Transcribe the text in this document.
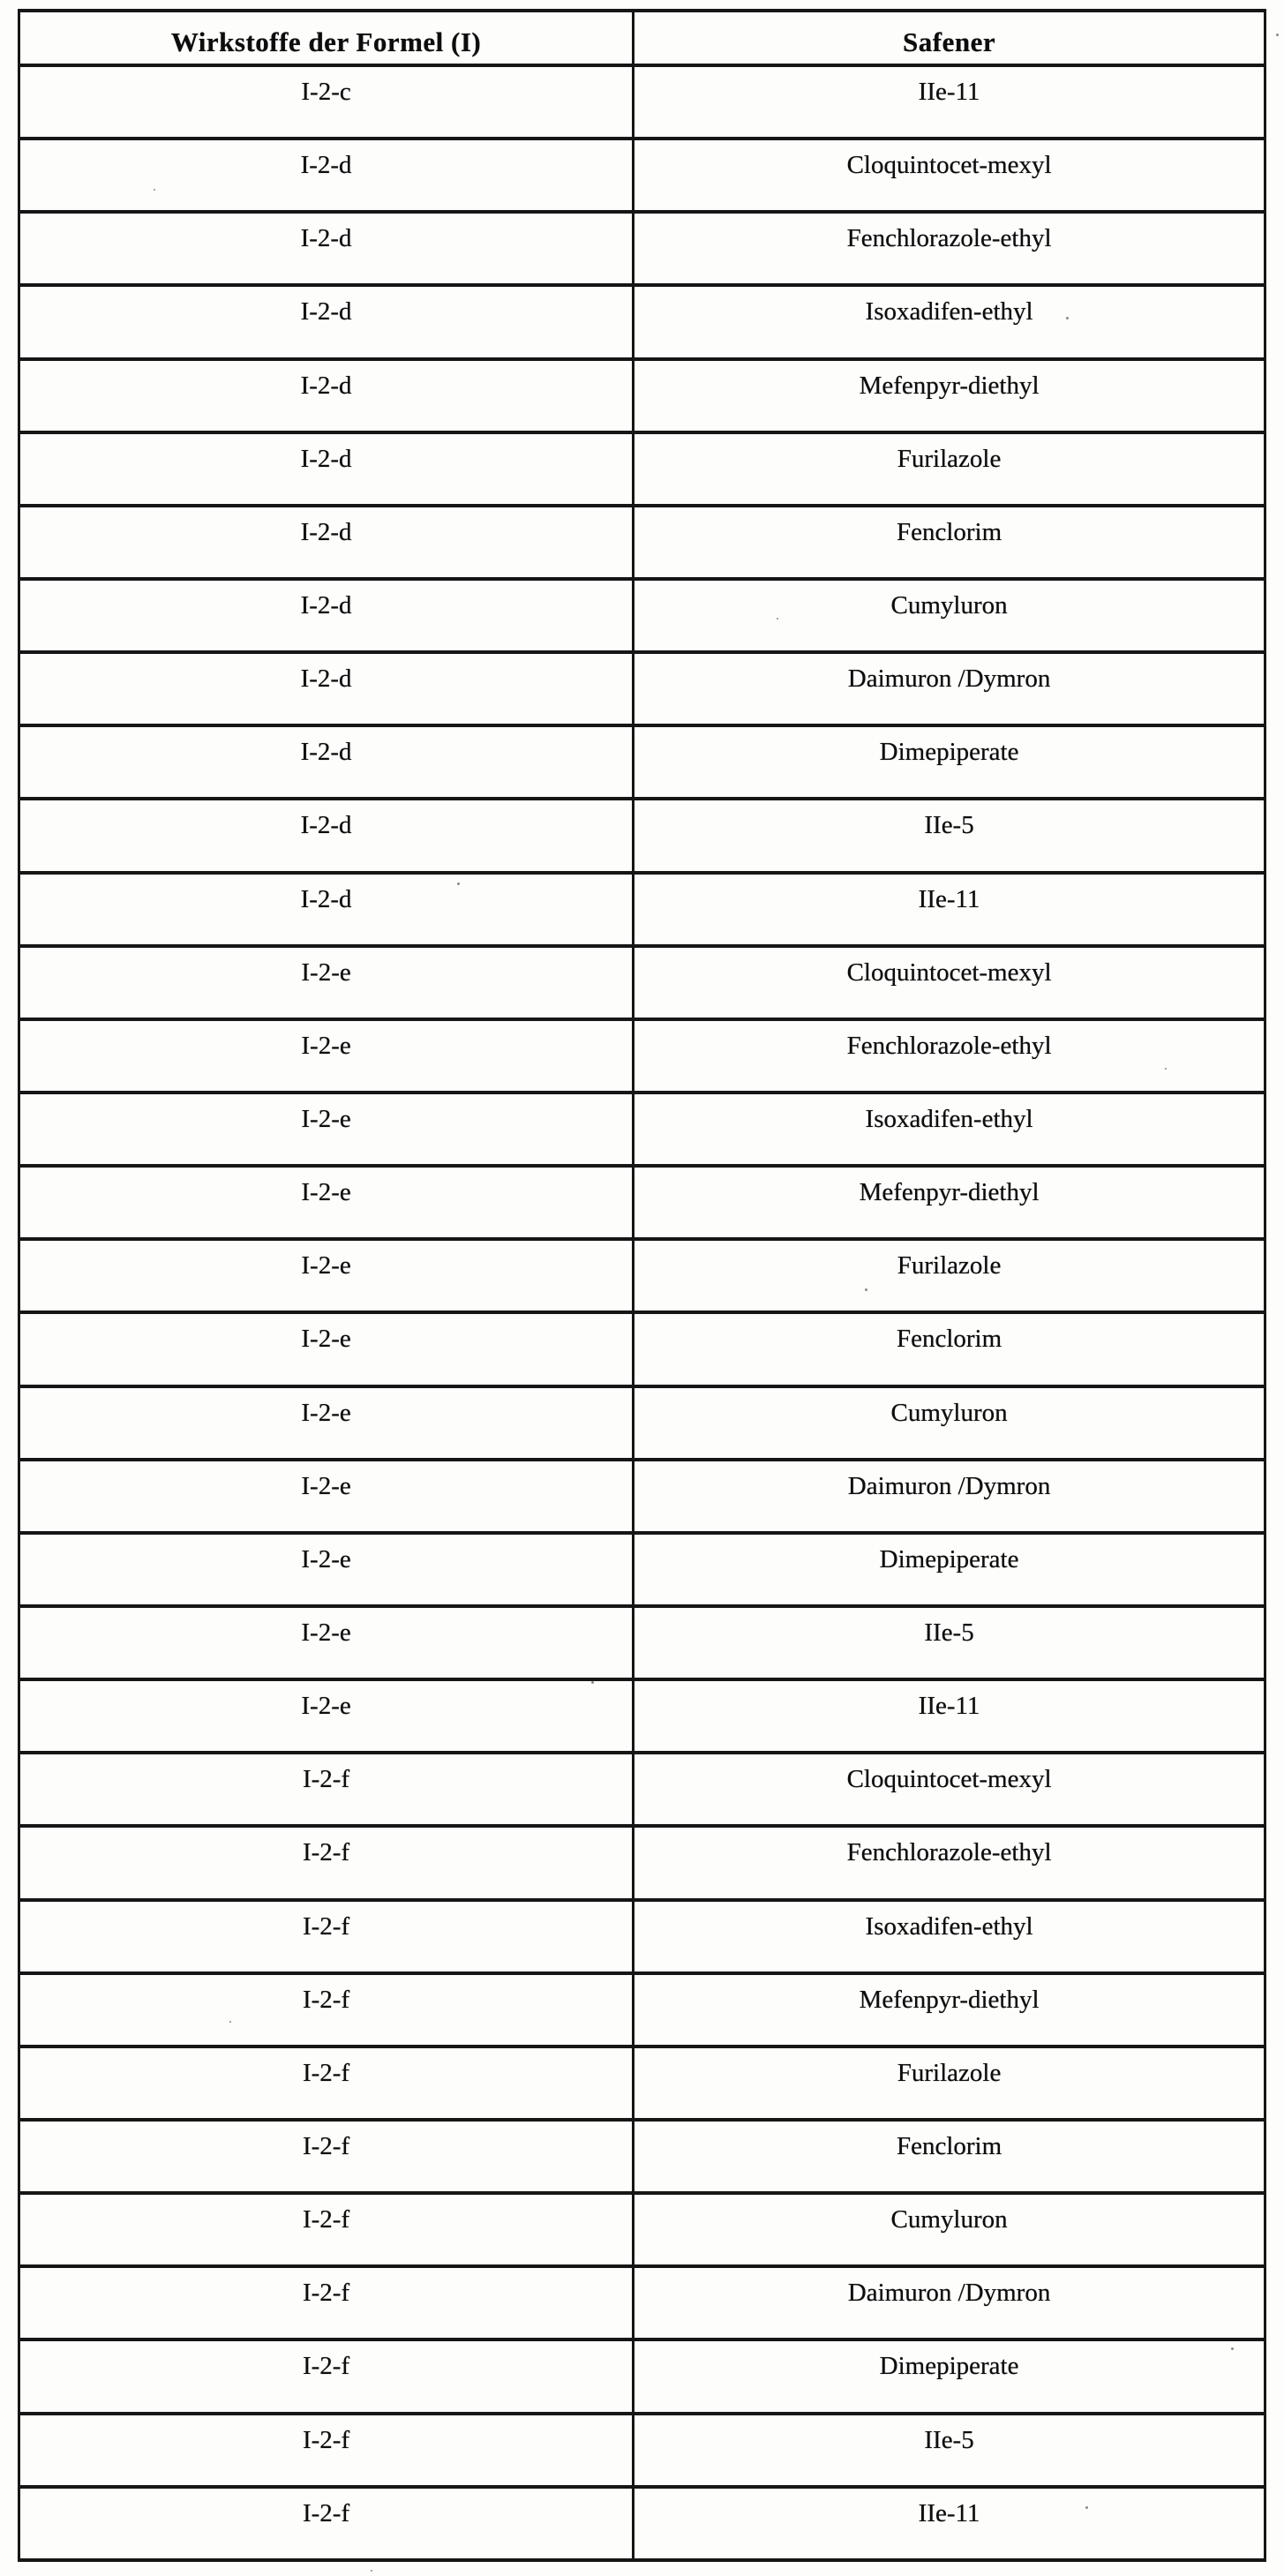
Wirkstoffe der Formel (I)	Safener
I-2-c	IIe-11
I-2-d	Cloquintocet-mexyl
I-2-d	Fenchlorazole-ethyl
I-2-d	Isoxadifen-ethyl
I-2-d	Mefenpyr-diethyl
I-2-d	Furilazole
I-2-d	Fenclorim
I-2-d	Cumyluron
I-2-d	Daimuron /Dymron
I-2-d	Dimepiperate
I-2-d	IIe-5
I-2-d	IIe-11
I-2-e	Cloquintocet-mexyl
I-2-e	Fenchlorazole-ethyl
I-2-e	Isoxadifen-ethyl
I-2-e	Mefenpyr-diethyl
I-2-e	Furilazole
I-2-e	Fenclorim
I-2-e	Cumyluron
I-2-e	Daimuron /Dymron
I-2-e	Dimepiperate
I-2-e	IIe-5
I-2-e	IIe-11
I-2-f	Cloquintocet-mexyl
I-2-f	Fenchlorazole-ethyl
I-2-f	Isoxadifen-ethyl
I-2-f	Mefenpyr-diethyl
I-2-f	Furilazole
I-2-f	Fenclorim
I-2-f	Cumyluron
I-2-f	Daimuron /Dymron
I-2-f	Dimepiperate
I-2-f	IIe-5
I-2-f	IIe-11
